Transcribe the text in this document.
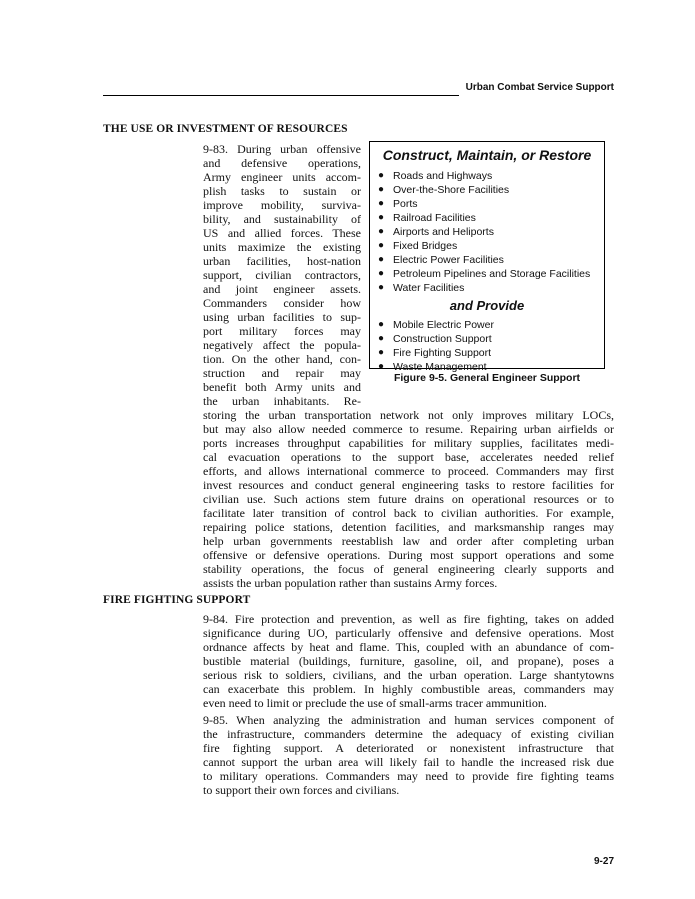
Urban Combat Service Support
THE USE OR INVESTMENT OF RESOURCES

9-83. During urban offensive

and defensive operations,

Army engineer units accom-

plish tasks to sustain or

improve mobility, surviva-

bility, and sustainability of

US and allied forces. These

units maximize the existing

urban facilities, host-nation

support, civilian contractors,

and joint engineer assets.

Commanders consider how

using urban facilities to sup-

port military forces may

negatively affect the popula-

tion. On the other hand, con-

struction and repair may

benefit both Army units and

the urban inhabitants. Re-

Construct, Maintain, or Restore
● Roads and Highways
● Over-the-Shore Facilities
● Ports
● Railroad Facilities
● Airports and Heliports
● Fixed Bridges
● Electric Power Facilities
● Petroleum Pipelines and Storage Facilities
● Water Facilities
and Provide
● Mobile Electric Power
● Construction Support
● Fire Fighting Support
● Waste Management
Figure 9-5. General Engineer Support

storing the urban transportation network not only improves military LOCs,

but may also allow needed commerce to resume. Repairing urban airfields or

ports increases throughput capabilities for military supplies, facilitates medi-

cal evacuation operations to the support base, accelerates needed relief

efforts, and allows international commerce to proceed. Commanders may first

invest resources and conduct general engineering tasks to restore facilities for

civilian use. Such actions stem future drains on operational resources or to

facilitate later transition of control back to civilian authorities. For example,

repairing police stations, detention facilities, and marksmanship ranges may

help urban governments reestablish law and order after completing urban

offensive or defensive operations. During most support operations and some

stability operations, the focus of general engineering clearly supports and

assists the urban population rather than sustains Army forces.

FIRE FIGHTING SUPPORT

9-84. Fire protection and prevention, as well as fire fighting, takes on added

significance during UO, particularly offensive and defensive operations. Most

ordnance affects by heat and flame. This, coupled with an abundance of com-

bustible material (buildings, furniture, gasoline, oil, and propane), poses a

serious risk to soldiers, civilians, and the urban operation. Large shantytowns

can exacerbate this problem. In highly combustible areas, commanders may

even need to limit or preclude the use of small-arms tracer ammunition.

9-85. When analyzing the administration and human services component of

the infrastructure, commanders determine the adequacy of existing civilian

fire fighting support. A deteriorated or nonexistent infrastructure that

cannot support the urban area will likely fail to handle the increased risk due

to military operations. Commanders may need to provide fire fighting teams

to support their own forces and civilians.

9-27
